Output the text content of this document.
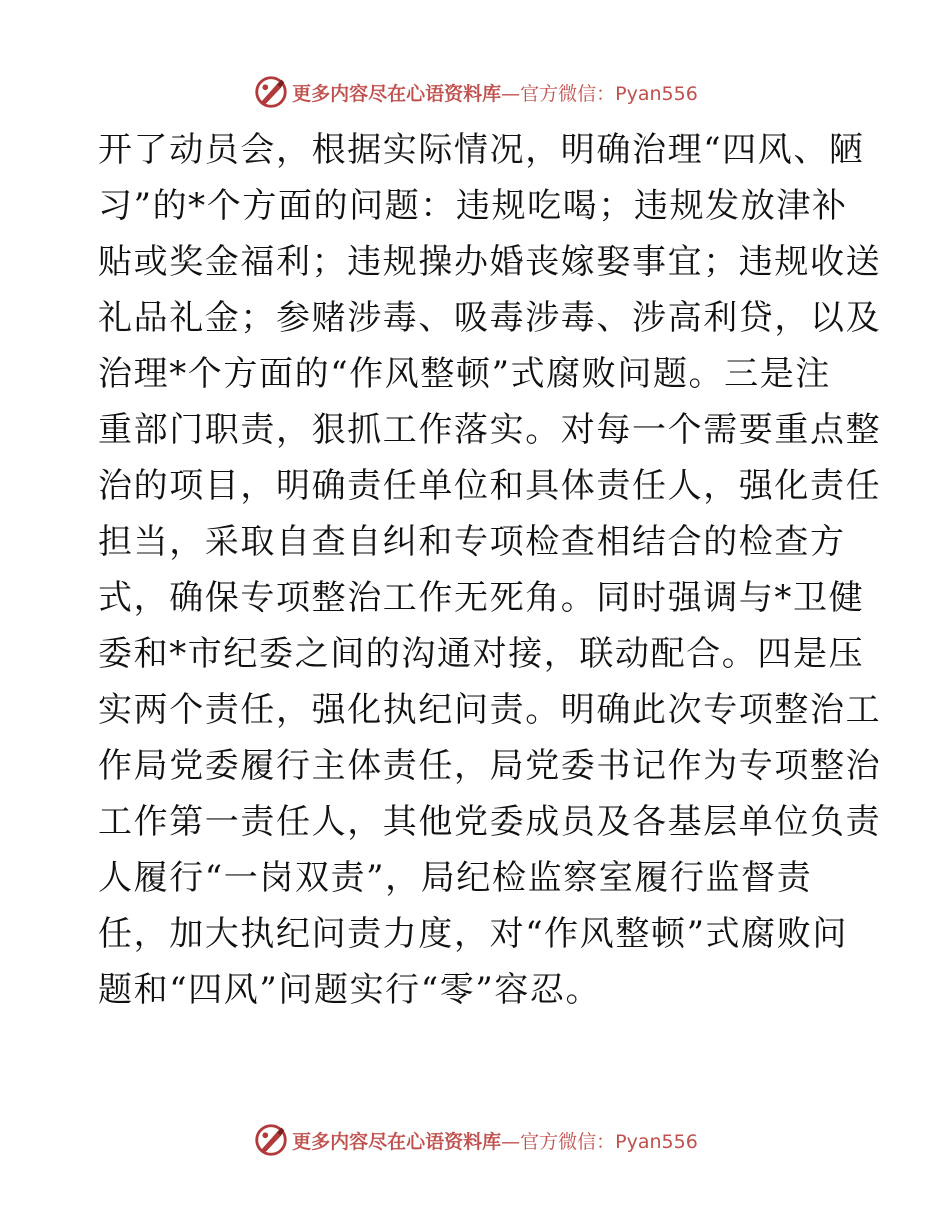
更多内容尽在心语资料库—官方微信：Pyan556
开了动员会，根据实际情况，明确治理“四风、陋
习”的*个方面的问题：违规吃喝；违规发放津补
贴或奖金福利；违规操办婚丧嫁娶事宜；违规收送
礼品礼金；参赌涉毒、吸毒涉毒、涉高利贷，以及
治理*个方面的“作风整顿”式腐败问题。三是注
重部门职责，狠抓工作落实。对每一个需要重点整
治的项目，明确责任单位和具体责任人，强化责任
担当，采取自查自纠和专项检查相结合的检查方
式，确保专项整治工作无死角。同时强调与*卫健
委和*市纪委之间的沟通对接，联动配合。四是压
实两个责任，强化执纪问责。明确此次专项整治工
作局党委履行主体责任，局党委书记作为专项整治
工作第一责任人，其他党委成员及各基层单位负责
人履行“一岗双责”，局纪检监察室履行监督责
任，加大执纪问责力度，对“作风整顿”式腐败问
题和“四风”问题实行“零”容忍。
更多内容尽在心语资料库—官方微信：Pyan556
